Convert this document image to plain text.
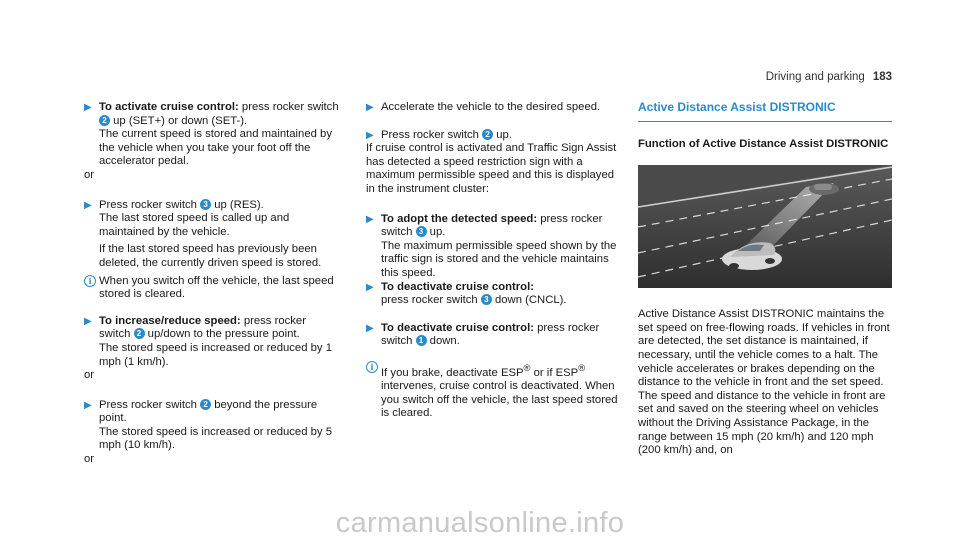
Driving and parking 183
▶ To activate cruise control: press rocker switch 2 up (SET+) or down (SET-).
The current speed is stored and maintained by the vehicle when you take your foot off the accelerator pedal.
or
▶ Press rocker switch 3 up (RES).
The last stored speed is called up and maintained by the vehicle.
If the last stored speed has previously been deleted, the currently driven speed is stored.
i When you switch off the vehicle, the last speed stored is cleared.
▶ To increase/reduce speed: press rocker switch 2 up/down to the pressure point.
The stored speed is increased or reduced by 1 mph (1 km/h).
or
▶ Press rocker switch 2 beyond the pressure point.
The stored speed is increased or reduced by 5 mph (10 km/h).
or
▶ Accelerate the vehicle to the desired speed.
▶ Press rocker switch 2 up.
If cruise control is activated and Traffic Sign Assist has detected a speed restriction sign with a maximum permissible speed and this is displayed in the instrument cluster:
▶ To adopt the detected speed: press rocker switch 3 up.
The maximum permissible speed shown by the traffic sign is stored and the vehicle maintains this speed.
▶ To deactivate cruise control:
press rocker switch 3 down (CNCL).
▶ To deactivate cruise control: press rocker switch 1 down.
i If you brake, deactivate ESP® or if ESP® intervenes, cruise control is deactivated. When you switch off the vehicle, the last speed stored is cleared.
Active Distance Assist DISTRONIC
Function of Active Distance Assist DISTRONIC
Active Distance Assist DISTRONIC maintains the set speed on free-flowing roads. If vehicles in front are detected, the set distance is maintained, if necessary, until the vehicle comes to a halt. The vehicle accelerates or brakes depending on the distance to the vehicle in front and the set speed. The speed and distance to the vehicle in front are set and saved on the steering wheel on vehicles without the Driving Assistance Package, in the range between 15 mph (20 km/h) and 120 mph (200 km/h) and, on
carmanualsonline.info
